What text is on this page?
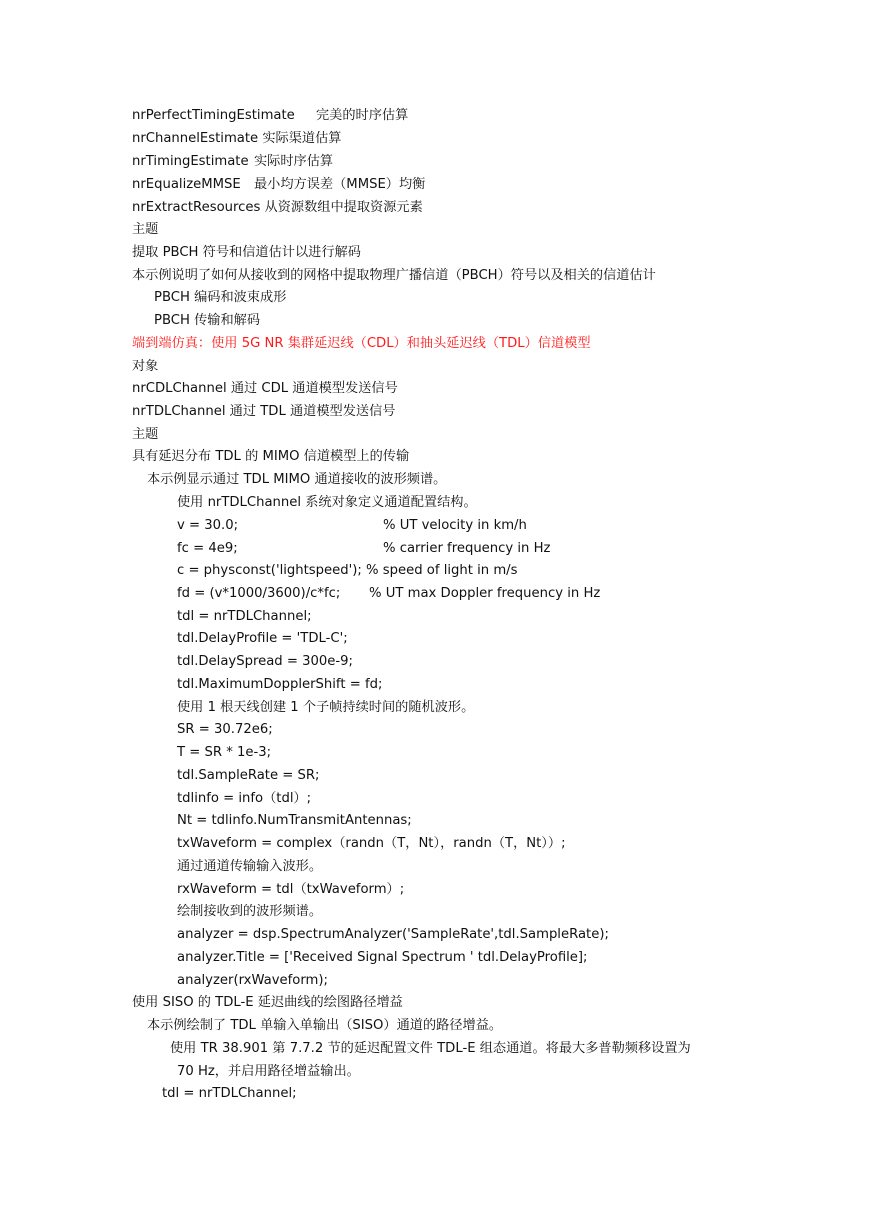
nrPerfectTimingEstimate 完美的时序估算
nrChannelEstimate 实际渠道估算
nrTimingEstimate 实际时序估算
nrEqualizeMMSE 最小均方误差（MMSE）均衡
nrExtractResources 从资源数组中提取资源元素
主题
提取 PBCH 符号和信道估计以进行解码
本示例说明了如何从接收到的网格中提取物理广播信道（PBCH）符号以及相关的信道估计
PBCH 编码和波束成形
PBCH 传输和解码
端到端仿真：使用 5G NR 集群延迟线（CDL）和抽头延迟线（TDL）信道模型
对象
nrCDLChannel 通过 CDL 通道模型发送信号
nrTDLChannel 通过 TDL 通道模型发送信号
主题
具有延迟分布 TDL 的 MIMO 信道模型上的传输
本示例显示通过 TDL MIMO 通道接收的波形频谱。
使用 nrTDLChannel 系统对象定义通道配置结构。
v = 30.0;	% UT velocity in km/h
fc = 4e9;	% carrier frequency in Hz
c = physconst('lightspeed'); % speed of light in m/s
fd = (v*1000/3600)/c*fc; % UT max Doppler frequency in Hz
tdl = nrTDLChannel;
tdl.DelayProfile = 'TDL-C';
tdl.DelaySpread = 300e-9;
tdl.MaximumDopplerShift = fd;
使用 1 根天线创建 1 个子帧持续时间的随机波形。
SR = 30.72e6;
T = SR * 1e-3;
tdl.SampleRate = SR;
tdlinfo = info（tdl）;
Nt = tdlinfo.NumTransmitAntennas;
txWaveform = complex（randn（T，Nt），randn（T，Nt））;
通过通道传输输入波形。
rxWaveform = tdl（txWaveform）;
绘制接收到的波形频谱。
analyzer = dsp.SpectrumAnalyzer('SampleRate',tdl.SampleRate);
analyzer.Title = ['Received Signal Spectrum ' tdl.DelayProfile];
analyzer(rxWaveform);
使用 SISO 的 TDL-E 延迟曲线的绘图路径增益
本示例绘制了 TDL 单输入单输出（SISO）通道的路径增益。
使用 TR 38.901 第 7.7.2 节的延迟配置文件 TDL-E 组态通道。将最大多普勒频移设置为
70 Hz，并启用路径增益输出。
tdl = nrTDLChannel;
